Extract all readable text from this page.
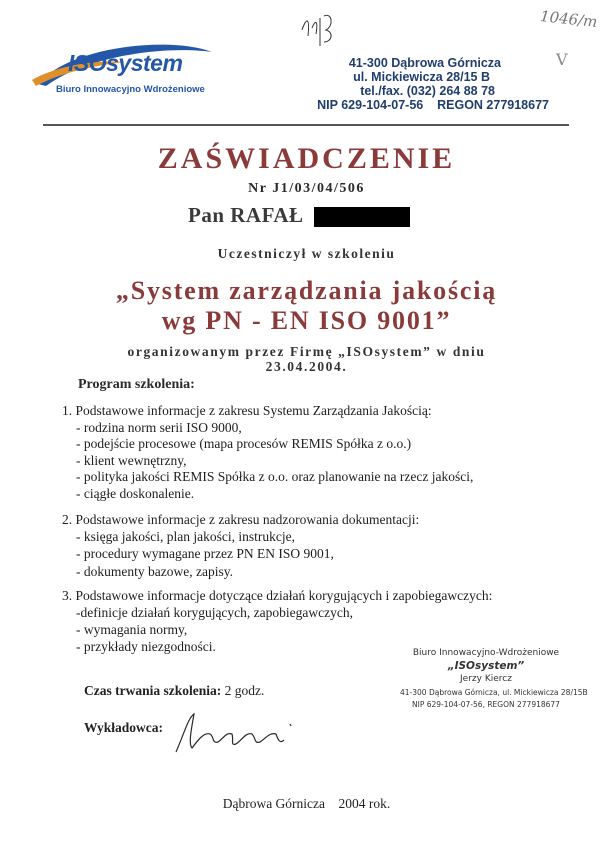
ISOsystem
Biuro Innowacyjno Wdrożeniowe
1046/m
V
41-300 Dąbrowa Górnicza
ul. Mickiewicza 28/15 B
tel./fax. (032) 264 88 78
NIP 629-104-07-56    REGON 277918677
ZAŚWIADCZENIE
Nr J1/03/04/506
Pan RAFAŁ
Uczestniczył w szkoleniu
„System zarządzania jakością
wg PN - EN ISO 9001”
organizowanym przez Firmę „ISOsystem” w dniu
23.04.2004.
Program szkolenia:
1. Podstawowe informacje z zakresu Systemu Zarządzania Jakością:
- rodzina norm serii ISO 9000,
- podejście procesowe (mapa procesów REMIS Spółka z o.o.)
- klient wewnętrzny,
- polityka jakości REMIS Spółka z o.o. oraz planowanie na rzecz jakości,
- ciągłe doskonalenie.
2. Podstawowe informacje z zakresu nadzorowania dokumentacji:
- księga jakości, plan jakości, instrukcje,
- procedury wymagane przez PN EN ISO 9001,
- dokumenty bazowe, zapisy.
3. Podstawowe informacje dotyczące działań korygujących i zapobiegawczych:
-definicje działań korygujących, zapobiegawczych,
- wymagania normy,
- przykłady niezgodności.	Biuro Innowacyjno-Wdrożeniowe
„ISOsystem”
Jerzy Kiercz
41-300 Dąbrowa Górnicza, ul. Mickiewicza 28/15B
NIP 629-104-07-56, REGON 277918677
Czas trwania szkolenia: 2 godz.
Wykładowca:
Dąbrowa Górnicza    2004 rok.
